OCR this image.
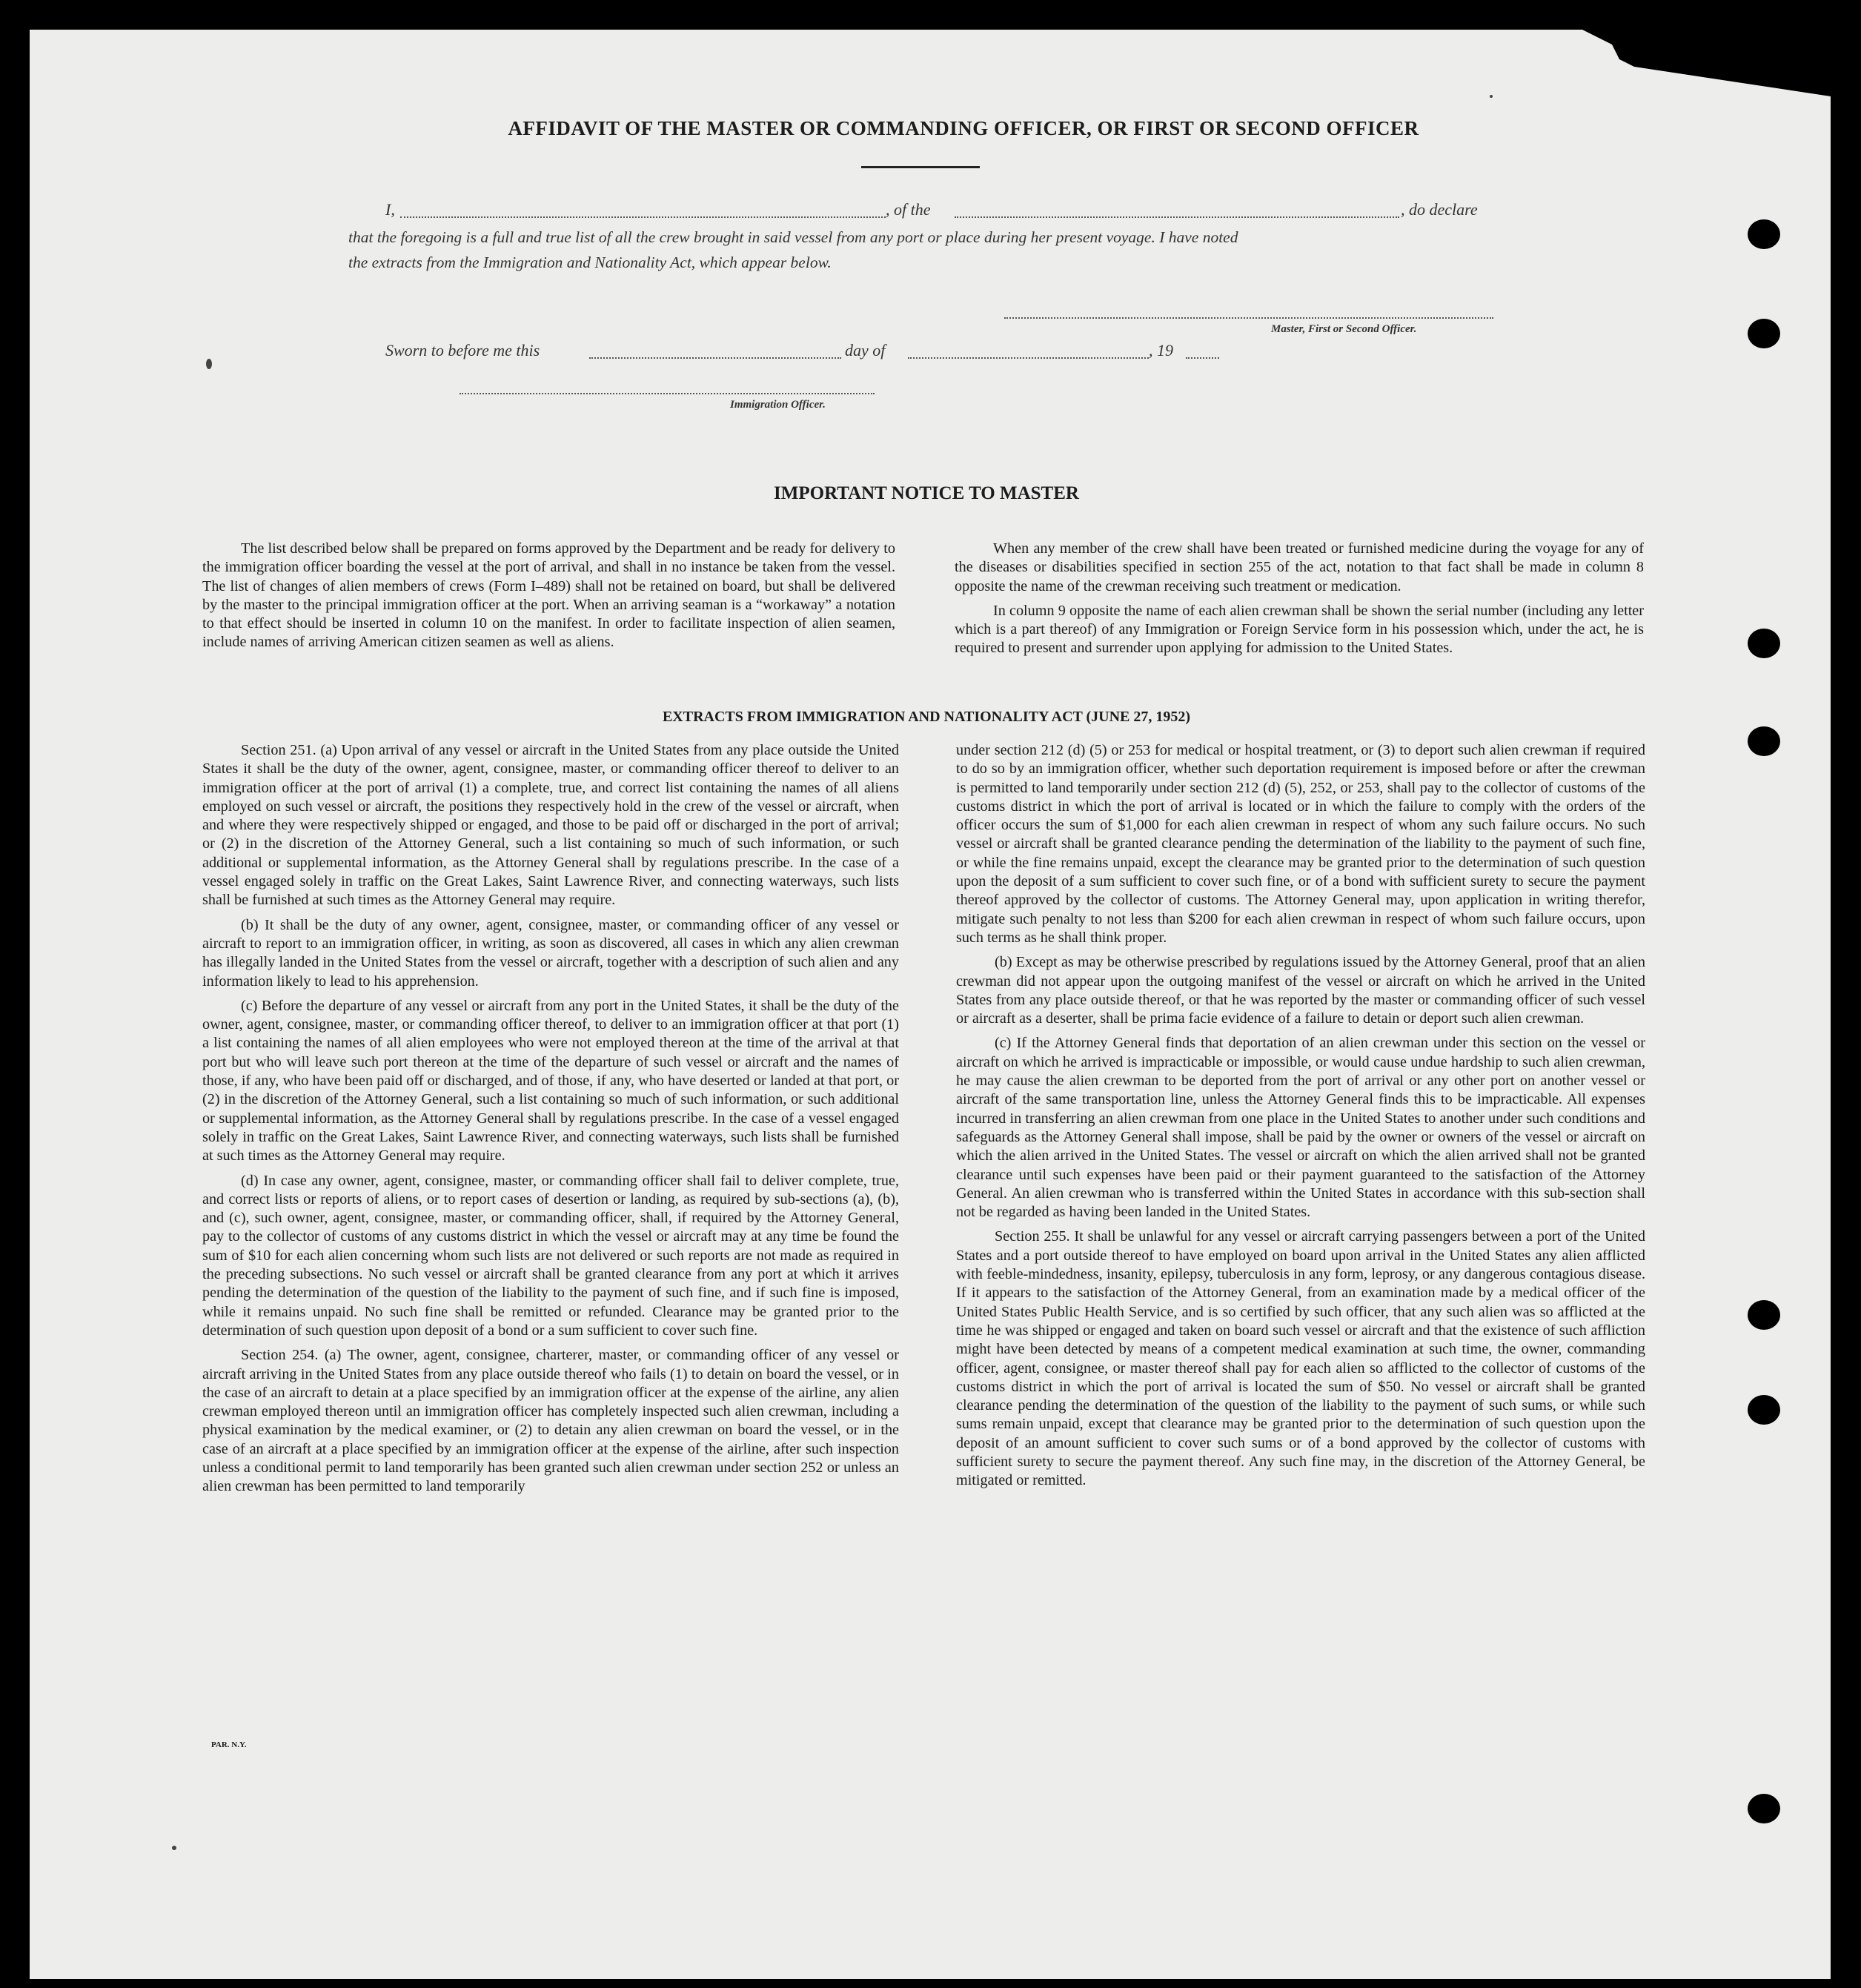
AFFIDAVIT OF THE MASTER OR COMMANDING OFFICER, OR FIRST OR SECOND OFFICER
I,	, of the	, do declare
that the foregoing is a full and true list of all the crew brought in said vessel from any port or place during her present voyage. I have noted
the extracts from the Immigration and Nationality Act, which appear below.
Master, First or Second Officer.
Sworn to before me this	day of	, 19
Immigration Officer.
IMPORTANT NOTICE TO MASTER

The list described below shall be prepared on forms approved by the Department and be ready for delivery to the immigration officer boarding the vessel at the port of arrival, and shall in no instance be taken from the vessel. The list of changes of alien members of crews (Form I–489) shall not be retained on board, but shall be delivered by the master to the principal immigration officer at the port. When an arriving seaman is a “workaway” a notation to that effect should be inserted in column 10 on the manifest. In order to facilitate inspection of alien seamen, include names of arriving American citizen seamen as well as aliens.

When any member of the crew shall have been treated or furnished medicine during the voyage for any of the diseases or disabilities specified in section 255 of the act, notation to that fact shall be made in column 8 opposite the name of the crewman receiving such treatment or medication.

In column 9 opposite the name of each alien crewman shall be shown the serial number (including any letter which is a part thereof) of any Immigration or Foreign Service form in his possession which, under the act, he is required to present and surrender upon applying for admission to the United States.

EXTRACTS FROM IMMIGRATION AND NATIONALITY ACT (JUNE 27, 1952)

Section 251. (a) Upon arrival of any vessel or aircraft in the United States from any place outside the United States it shall be the duty of the owner, agent, consignee, master, or commanding officer thereof to deliver to an immigration officer at the port of arrival (1) a complete, true, and correct list containing the names of all aliens employed on such vessel or aircraft, the positions they respectively hold in the crew of the vessel or aircraft, when and where they were respectively shipped or engaged, and those to be paid off or discharged in the port of arrival; or (2) in the discretion of the Attorney General, such a list containing so much of such information, or such additional or supplemental information, as the Attorney General shall by regulations prescribe. In the case of a vessel engaged solely in traffic on the Great Lakes, Saint Lawrence River, and connecting waterways, such lists shall be furnished at such times as the Attorney General may require.

(b) It shall be the duty of any owner, agent, consignee, master, or commanding officer of any vessel or aircraft to report to an immigration officer, in writing, as soon as discovered, all cases in which any alien crewman has illegally landed in the United States from the vessel or aircraft, together with a description of such alien and any information likely to lead to his apprehension.

(c) Before the departure of any vessel or aircraft from any port in the United States, it shall be the duty of the owner, agent, consignee, master, or commanding officer thereof, to deliver to an immigration officer at that port (1) a list containing the names of all alien employees who were not employed thereon at the time of the arrival at that port but who will leave such port thereon at the time of the departure of such vessel or aircraft and the names of those, if any, who have been paid off or discharged, and of those, if any, who have deserted or landed at that port, or (2) in the discretion of the Attorney General, such a list containing so much of such information, or such additional or supplemental information, as the Attorney General shall by regulations prescribe. In the case of a vessel engaged solely in traffic on the Great Lakes, Saint Lawrence River, and connecting waterways, such lists shall be furnished at such times as the Attorney General may require.

(d) In case any owner, agent, consignee, master, or commanding officer shall fail to deliver complete, true, and correct lists or reports of aliens, or to report cases of desertion or landing, as required by sub-sections (a), (b), and (c), such owner, agent, consignee, master, or commanding officer, shall, if required by the Attorney General, pay to the collector of customs of any customs district in which the vessel or aircraft may at any time be found the sum of $10 for each alien concerning whom such lists are not delivered or such reports are not made as required in the preceding subsections. No such vessel or aircraft shall be granted clearance from any port at which it arrives pending the determination of the question of the liability to the payment of such fine, and if such fine is imposed, while it remains unpaid. No such fine shall be remitted or refunded. Clearance may be granted prior to the determination of such question upon deposit of a bond or a sum sufficient to cover such fine.

Section 254. (a) The owner, agent, consignee, charterer, master, or commanding officer of any vessel or aircraft arriving in the United States from any place outside thereof who fails (1) to detain on board the vessel, or in the case of an aircraft to detain at a place specified by an immigration officer at the expense of the airline, any alien crewman employed thereon until an immigration officer has completely inspected such alien crewman, including a physical examination by the medical examiner, or (2) to detain any alien crewman on board the vessel, or in the case of an aircraft at a place specified by an immigration officer at the expense of the airline, after such inspection unless a conditional permit to land temporarily has been granted such alien crewman under section 252 or unless an alien crewman has been permitted to land temporarily

under section 212 (d) (5) or 253 for medical or hospital treatment, or (3) to deport such alien crewman if required to do so by an immigration officer, whether such deportation requirement is imposed before or after the crewman is permitted to land temporarily under section 212 (d) (5), 252, or 253, shall pay to the collector of customs of the customs district in which the port of arrival is located or in which the failure to comply with the orders of the officer occurs the sum of $1,000 for each alien crewman in respect of whom any such failure occurs. No such vessel or aircraft shall be granted clearance pending the determination of the liability to the payment of such fine, or while the fine remains unpaid, except the clearance may be granted prior to the determination of such question upon the deposit of a sum sufficient to cover such fine, or of a bond with sufficient surety to secure the payment thereof approved by the collector of customs. The Attorney General may, upon application in writing therefor, mitigate such penalty to not less than $200 for each alien crewman in respect of whom such failure occurs, upon such terms as he shall think proper.

(b) Except as may be otherwise prescribed by regulations issued by the Attorney General, proof that an alien crewman did not appear upon the outgoing manifest of the vessel or aircraft on which he arrived in the United States from any place outside thereof, or that he was reported by the master or commanding officer of such vessel or aircraft as a deserter, shall be prima facie evidence of a failure to detain or deport such alien crewman.

(c) If the Attorney General finds that deportation of an alien crewman under this section on the vessel or aircraft on which he arrived is impracticable or impossible, or would cause undue hardship to such alien crewman, he may cause the alien crewman to be deported from the port of arrival or any other port on another vessel or aircraft of the same transportation line, unless the Attorney General finds this to be impracticable. All expenses incurred in transferring an alien crewman from one place in the United States to another under such conditions and safeguards as the Attorney General shall impose, shall be paid by the owner or owners of the vessel or aircraft on which the alien arrived in the United States. The vessel or aircraft on which the alien arrived shall not be granted clearance until such expenses have been paid or their payment guaranteed to the satisfaction of the Attorney General. An alien crewman who is transferred within the United States in accordance with this sub-section shall not be regarded as having been landed in the United States.

Section 255. It shall be unlawful for any vessel or aircraft carrying passengers between a port of the United States and a port outside thereof to have employed on board upon arrival in the United States any alien afflicted with feeble-mindedness, insanity, epilepsy, tuberculosis in any form, leprosy, or any dangerous contagious disease. If it appears to the satisfaction of the Attorney General, from an examination made by a medical officer of the United States Public Health Service, and is so certified by such officer, that any such alien was so afflicted at the time he was shipped or engaged and taken on board such vessel or aircraft and that the existence of such affliction might have been detected by means of a competent medical examination at such time, the owner, commanding officer, agent, consignee, or master thereof shall pay for each alien so afflicted to the collector of customs of the customs district in which the port of arrival is located the sum of $50. No vessel or aircraft shall be granted clearance pending the determination of the question of the liability to the payment of such sums, or while such sums remain unpaid, except that clearance may be granted prior to the determination of such question upon the deposit of an amount sufficient to cover such sums or of a bond approved by the collector of customs with sufficient surety to secure the payment thereof. Any such fine may, in the discretion of the Attorney General, be mitigated or remitted.

PAR. N.Y.
